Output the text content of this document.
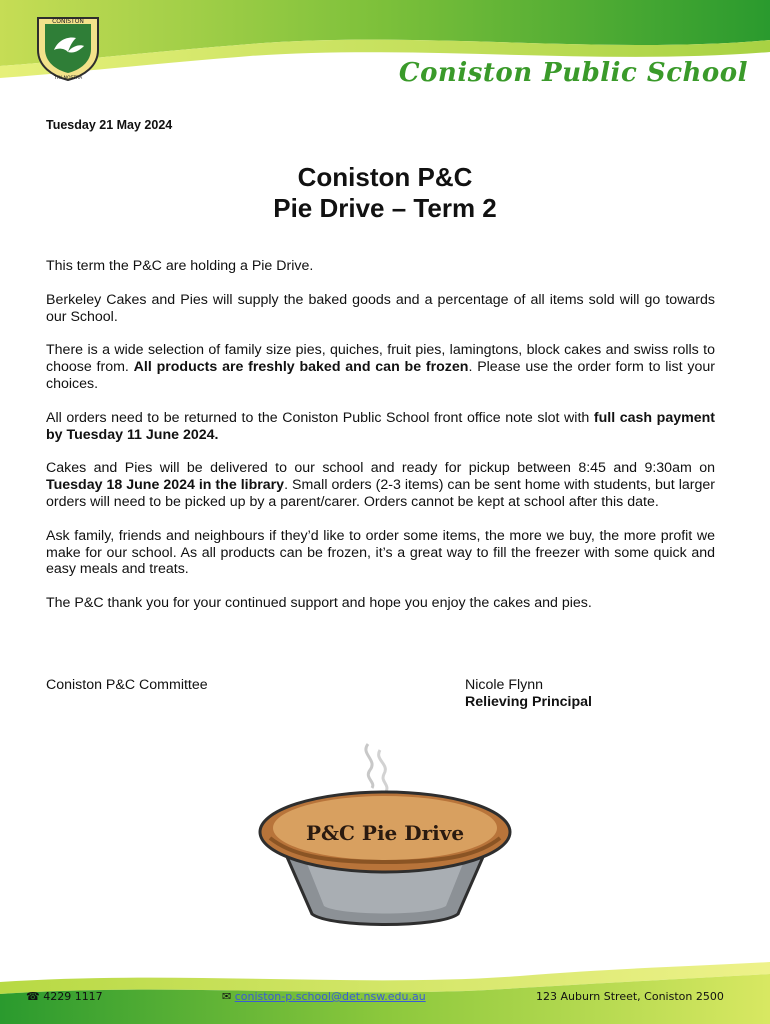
CONISTON
TRY NOSTRA	Coniston Public School
Tuesday 21 May 2024
Coniston P&C
Pie Drive – Term 2

This term the P&C are holding a Pie Drive.

Berkeley Cakes and Pies will supply the baked goods and a percentage of all items sold will go towards our School.

There is a wide selection of family size pies, quiches, fruit pies, lamingtons, block cakes and swiss rolls to choose from. All products are freshly baked and can be frozen. Please use the order form to list your choices.

All orders need to be returned to the Coniston Public School front office note slot with full cash payment by Tuesday 11 June 2024.

Cakes and Pies will be delivered to our school and ready for pickup between 8:45 and 9:30am on Tuesday 18 June 2024 in the library. Small orders (2-3 items) can be sent home with students, but larger orders will need to be picked up by a parent/carer. Orders cannot be kept at school after this date.

Ask family, friends and neighbours if they’d like to order some items, the more we buy, the more profit we make for our school. As all products can be frozen, it’s a great way to fill the freezer with some quick and easy meals and treats.

The P&C thank you for your continued support and hope you enjoy the cakes and pies.

Coniston P&C Committee	Nicole Flynn
Relieving Principal
P&C Pie Drive
☎ 4229 1117	✉ coniston-p.school@det.nsw.edu.au	123 Auburn Street, Coniston 2500
